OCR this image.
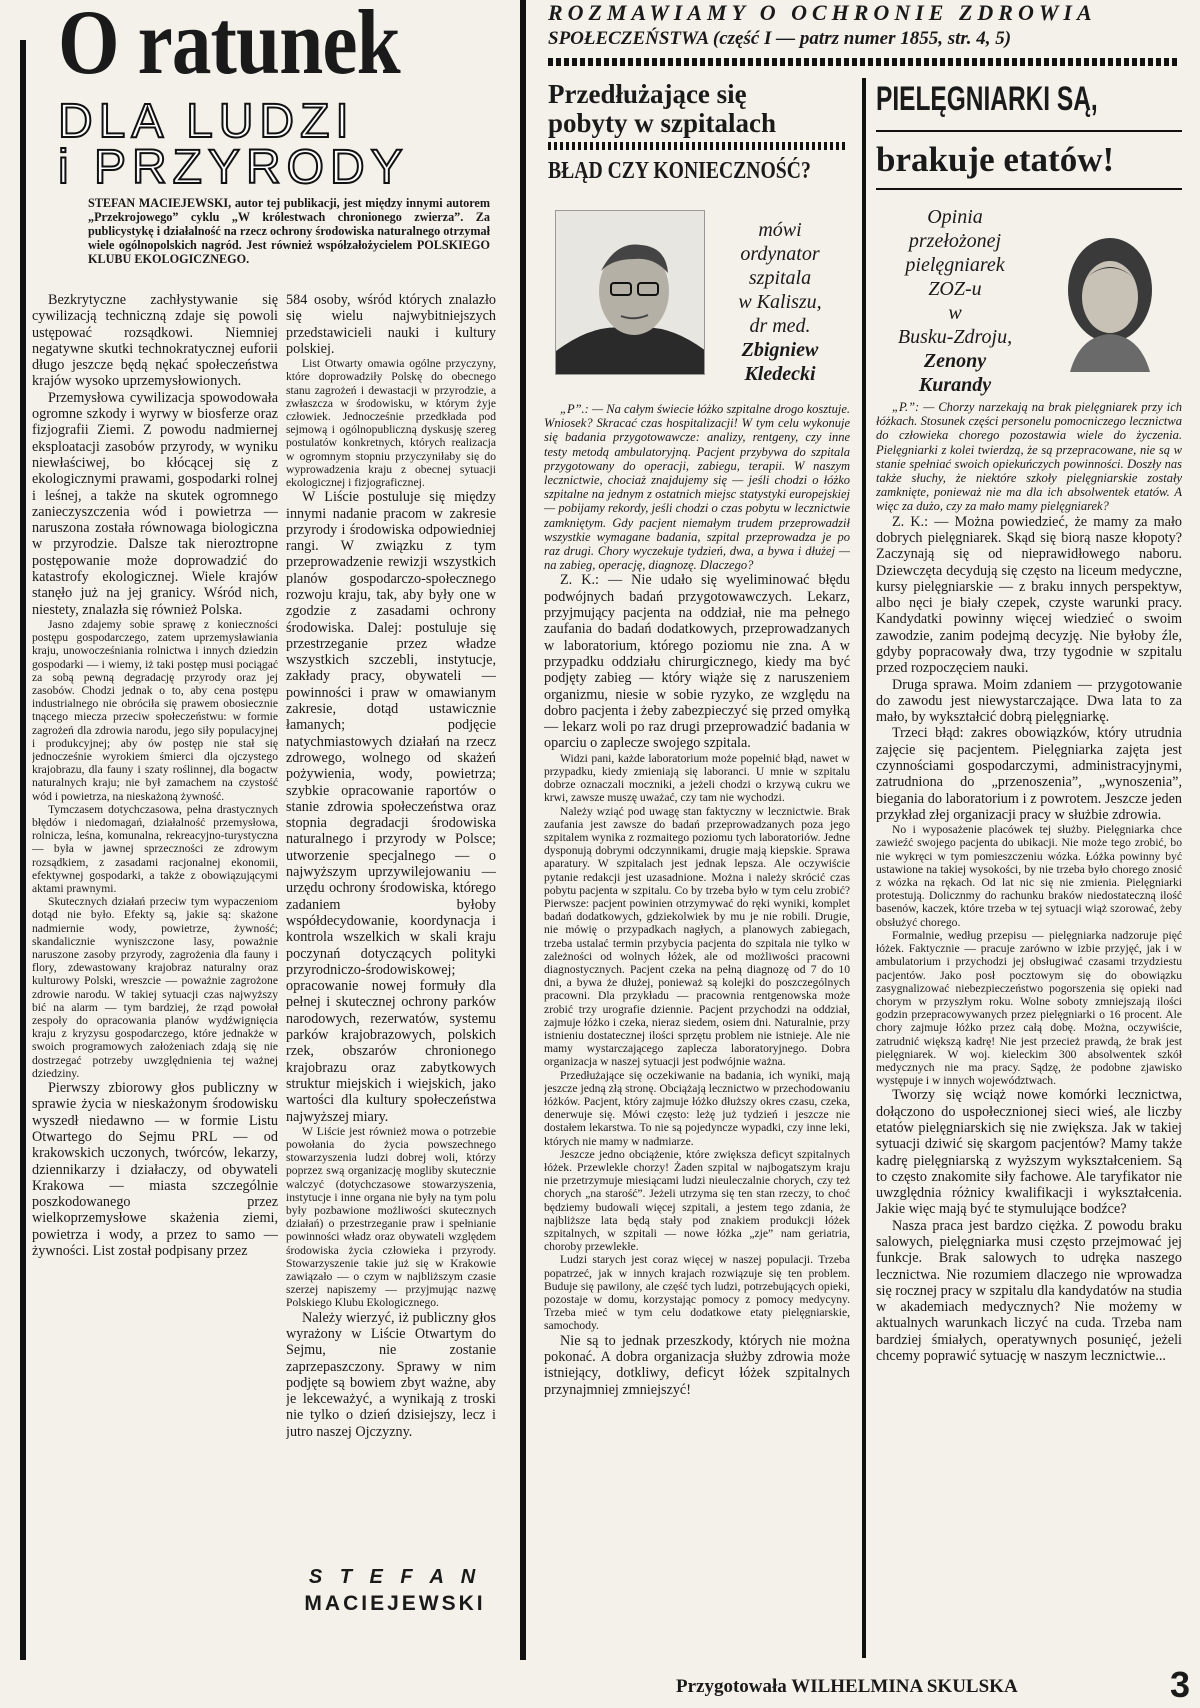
O ratunek
DLA LUDZI
i PRZYRODY
STEFAN MACIEJEWSKI, autor tej publikacji, jest między innymi autorem „Przekrojowego” cyklu „W królestwach chronionego zwierza”. Za publicystykę i działalność na rzecz ochrony środowiska naturalnego otrzymał wiele ogólnopolskich nagród. Jest również współzałożycielem POLSKIEGO KLUBU EKOLOGICZNEGO.

Bezkrytyczne zachłystywanie się cywilizacją techniczną zdaje się powoli ustępować rozsądkowi. Niemniej negatywne skutki technokratycznej euforii długo jeszcze będą nękać społeczeństwa krajów wysoko uprzemysłowionych.

Przemysłowa cywilizacja spowodowała ogromne szkody i wyrwy w biosferze oraz fizjografii Ziemi. Z powodu nadmiernej eksploatacji zasobów przyrody, w wyniku niewłaściwej, bo kłócącej się z ekologicznymi prawami, gospodarki rolnej i leśnej, a także na skutek ogromnego zanieczyszczenia wód i powietrza — naruszona została równowaga biologiczna w przyrodzie. Dalsze tak nieroztropne postępowanie może doprowadzić do katastrofy ekologicznej. Wiele krajów stanęło już na jej granicy. Wśród nich, niestety, znalazła się również Polska.

Jasno zdajemy sobie sprawę z konieczności postępu gospodarczego, zatem uprzemysławiania kraju, unowocześniania rolnictwa i innych dziedzin gospodarki — i wiemy, iż taki postęp musi pociągać za sobą pewną degradację przyrody oraz jej zasobów. Chodzi jednak o to, aby cena postępu industrialnego nie obróciła się prawem obosiecznie tnącego miecza przeciw społeczeństwu: w formie zagrożeń dla zdrowia narodu, jego siły populacyjnej i produkcyjnej; aby ów postęp nie stał się jednocześnie wyrokiem śmierci dla ojczystego krajobrazu, dla fauny i szaty roślinnej, dla bogactw naturalnych kraju; nie był zamachem na czystość wód i powietrza, na nieskażoną żywność.

Tymczasem dotychczasowa, pełna drastycznych błędów i niedomagań, działalność przemysłowa, rolnicza, leśna, komunalna, rekreacyjno-turystyczna — była w jawnej sprzeczności ze zdrowym rozsądkiem, z zasadami racjonalnej ekonomii, efektywnej gospodarki, a także z obowiązującymi aktami prawnymi.

Skutecznych działań przeciw tym wypaczeniom dotąd nie było. Efekty są, jakie są: skażone nadmiernie wody, powietrze, żywność; skandalicznie wyniszczone lasy, poważnie naruszone zasoby przyrody, zagrożenia dla fauny i flory, zdewastowany krajobraz naturalny oraz kulturowy Polski, wreszcie — poważnie zagrożone zdrowie narodu. W takiej sytuacji czas najwyższy bić na alarm — tym bardziej, że rząd powołał zespoły do opracowania planów wydźwignięcia kraju z kryzysu gospodarczego, które jednakże w swoich programowych założeniach zdają się nie dostrzegać potrzeby uwzględnienia tej ważnej dziedziny.

Pierwszy zbiorowy głos publiczny w sprawie życia w nieskażonym środowisku wyszedł niedawno — w formie Listu Otwartego do Sejmu PRL — od krakowskich uczonych, twórców, lekarzy, dziennikarzy i działaczy, od obywateli Krakowa — miasta szczególnie poszkodowanego przez wielkoprzemysłowe skażenia ziemi, powietrza i wody, a przez to samo — żywności. List został podpisany przez

584 osoby, wśród których znalazło się wielu najwybitniejszych przedstawicieli nauki i kultury polskiej.

List Otwarty omawia ogólne przyczyny, które doprowadziły Polskę do obecnego stanu zagrożeń i dewastacji w przyrodzie, a zwłaszcza w środowisku, w którym żyje człowiek. Jednocześnie przedkłada pod sejmową i ogólnopubliczną dyskusję szereg postulatów konkretnych, których realizacja w ogromnym stopniu przyczyniłaby się do wyprowadzenia kraju z obecnej sytuacji ekologicznej i fizjograficznej.

W Liście postuluje się między innymi nadanie pracom w zakresie przyrody i środowiska odpowiedniej rangi. W związku z tym przeprowadzenie rewizji wszystkich planów gospodarczo-społecznego rozwoju kraju, tak, aby były one w zgodzie z zasadami ochrony środowiska. Dalej: postuluje się przestrzeganie przez władze wszystkich szczebli, instytucje, zakłady pracy, obywateli — powinności i praw w omawianym zakresie, dotąd ustawicznie łamanych; podjęcie natychmiastowych działań na rzecz zdrowego, wolnego od skażeń pożywienia, wody, powietrza; szybkie opracowanie raportów o stanie zdrowia społeczeństwa oraz stopnia degradacji środowiska naturalnego i przyrody w Polsce; utworzenie specjalnego — o najwyższym uprzywilejowaniu — urzędu ochrony środowiska, którego zadaniem byłoby współdecydowanie, koordynacja i kontrola wszelkich w skali kraju poczynań dotyczących polityki przyrodniczo-środowiskowej; opracowanie nowej formuły dla pełnej i skutecznej ochrony parków narodowych, rezerwatów, systemu parków krajobrazowych, polskich rzek, obszarów chronionego krajobrazu oraz zabytkowych struktur miejskich i wiejskich, jako wartości dla kultury społeczeństwa najwyższej miary.

W Liście jest również mowa o potrzebie powołania do życia powszechnego stowarzyszenia ludzi dobrej woli, którzy poprzez swą organizację mogliby skutecznie walczyć (dotychczasowe stowarzyszenia, instytucje i inne organa nie były na tym polu były pozbawione możliwości skutecznych działań) o przestrzeganie praw i spełnianie powinności władz oraz obywateli względem środowiska życia człowieka i przyrody. Stowarzyszenie takie już się w Krakowie zawiązało — o czym w najbliższym czasie szerzej napiszemy — przyjmując nazwę Polskiego Klubu Ekologicznego.

Należy wierzyć, iż publiczny głos wyrażony w Liście Otwartym do Sejmu, nie zostanie zaprzepaszczony. Sprawy w nim podjęte są bowiem zbyt ważne, aby je lekceważyć, a wynikają z troski nie tylko o dzień dzisiejszy, lecz i jutro naszej Ojczyzny.

S T E F A N
MACIEJEWSKI
ROZMAWIAMY O OCHRONIE ZDROWIA
SPOŁECZEŃSTWA (część I — patrz numer 1855, str. 4, 5)
Przedłużające się
pobyty w szpitalach
BŁĄD CZY KONIECZNOŚĆ?
mówi
ordynator
szpitala
w Kaliszu,
dr med.
Zbigniew
Kledecki

„P”.: — Na całym świecie łóżko szpitalne drogo kosztuje. Wniosek? Skracać czas hospitalizacji! W tym celu wykonuje się badania przygotowawcze: analizy, rentgeny, czy inne testy metodą ambulatoryjną. Pacjent przybywa do szpitala przygotowany do operacji, zabiegu, terapii. W naszym lecznictwie, chociaż znajdujemy się — jeśli chodzi o łóżko szpitalne na jednym z ostatnich miejsc statystyki europejskiej — pobijamy rekordy, jeśli chodzi o czas pobytu w lecznictwie zamkniętym. Gdy pacjent niemałym trudem przeprowadził wszystkie wymagane badania, szpital przeprowadza je po raz drugi. Chory wyczekuje tydzień, dwa, a bywa i dłużej — na zabieg, operację, diagnozę. Dlaczego?

Z. K.: — Nie udało się wyeliminować błędu podwójnych badań przygotowawczych. Lekarz, przyjmujący pacjenta na oddział, nie ma pełnego zaufania do badań dodatkowych, przeprowadzanych w laboratorium, którego poziomu nie zna. A w przypadku oddziału chirurgicznego, kiedy ma być podjęty zabieg — który wiąże się z naruszeniem organizmu, niesie w sobie ryzyko, ze względu na dobro pacjenta i żeby zabezpieczyć się przed omyłką — lekarz woli po raz drugi przeprowadzić badania w oparciu o zaplecze swojego szpitala.

Widzi pani, każde laboratorium może popełnić błąd, nawet w przypadku, kiedy zmieniają się laboranci. U mnie w szpitalu dobrze oznaczali moczniki, a jeżeli chodzi o krzywą cukru we krwi, zawsze muszę uważać, czy tam nie wychodzi.

Należy wziąć pod uwagę stan faktyczny w lecznictwie. Brak zaufania jest zawsze do badań przeprowadzanych poza jego szpitalem wynika z rozmaitego poziomu tych laboratoriów. Jedne dysponują dobrymi odczynnikami, drugie mają kiepskie. Sprawa aparatury. W szpitalach jest jednak lepsza. Ale oczywiście pytanie redakcji jest uzasadnione. Można i należy skrócić czas pobytu pacjenta w szpitalu. Co by trzeba było w tym celu zrobić? Pierwsze: pacjent powinien otrzymywać do ręki wyniki, komplet badań dodatkowych, gdziekolwiek by mu je nie robili. Drugie, nie mówię o przypadkach nagłych, a planowych zabiegach, trzeba ustalać termin przybycia pacjenta do szpitala nie tylko w zależności od wolnych łóżek, ale od możliwości pracowni diagnostycznych. Pacjent czeka na pełną diagnozę od 7 do 10 dni, a bywa że dłużej, ponieważ są kolejki do poszczególnych pracowni. Dla przykładu — pracownia rentgenowska może zrobić trzy urografie dziennie. Pacjent przychodzi na oddział, zajmuje łóżko i czeka, nieraz siedem, osiem dni. Naturalnie, przy istnieniu dostatecznej ilości sprzętu problem nie istnieje. Ale nie mamy wystarczającego zaplecza laboratoryjnego. Dobra organizacja w naszej sytuacji jest podwójnie ważna.

Przedłużające się oczekiwanie na badania, ich wyniki, mają jeszcze jedną złą stronę. Obciążają lecznictwo w przechodowaniu łóżków. Pacjent, który zajmuje łóżko dłuższy okres czasu, czeka, denerwuje się. Mówi często: leżę już tydzień i jeszcze nie dostałem lekarstwa. To nie są pojedyncze wypadki, czy inne leki, których nie mamy w nadmiarze.

Jeszcze jedno obciążenie, które zwiększa deficyt szpitalnych łóżek. Przewlekle chorzy! Żaden szpital w najbogatszym kraju nie przetrzymuje miesiącami ludzi nieuleczalnie chorych, czy też chorych „na starość”. Jeżeli utrzyma się ten stan rzeczy, to choć będziemy budowali więcej szpitali, a jestem tego zdania, że najbliższe lata będą stały pod znakiem produkcji łóżek szpitalnych, w szpitali — nowe łóżka „zje” nam geriatria, choroby przewlekłe.

Ludzi starych jest coraz więcej w naszej populacji. Trzeba popatrzeć, jak w innych krajach rozwiązuje się ten problem. Buduje się pawilony, ale część tych ludzi, potrzebujących opieki, pozostaje w domu, korzystając pomocy z pomocy medycyny. Trzeba mieć w tym celu dodatkowe etaty pielęgniarskie, samochody.

Nie są to jednak przeszkody, których nie można pokonać. A dobra organizacja służby zdrowia może istniejący, dotkliwy, deficyt łóżek szpitalnych przynajmniej zmniejszyć!

PIELĘGNIARKI SĄ,
brakuje etatów!
Opinia
przełożonej
pielęgniarek
ZOZ-u
w
Busku-Zdroju,
Zenony
Kurandy

„P.”: — Chorzy narzekają na brak pielęgniarek przy ich łóżkach. Stosunek części personelu pomocniczego lecznictwa do człowieka chorego pozostawia wiele do życzenia. Pielęgniarki z kolei twierdzą, że są przepracowane, nie są w stanie spełniać swoich opiekuńczych powinności. Doszły nas także słuchy, że niektóre szkoły pielęgniarskie zostały zamknięte, ponieważ nie ma dla ich absolwentek etatów. A więc za dużo, czy za mało mamy pielęgniarek?

Z. K.: — Można powiedzieć, że mamy za mało dobrych pielęgniarek. Skąd się biorą nasze kłopoty? Zaczynają się od nieprawidłowego naboru. Dziewczęta decydują się często na liceum medyczne, kursy pielęgniarskie — z braku innych perspektyw, albo nęci je biały czepek, czyste warunki pracy. Kandydatki powinny więcej wiedzieć o swoim zawodzie, zanim podejmą decyzję. Nie byłoby źle, gdyby popracowały dwa, trzy tygodnie w szpitalu przed rozpoczęciem nauki.

Druga sprawa. Moim zdaniem — przygotowanie do zawodu jest niewystarczające. Dwa lata to za mało, by wykształcić dobrą pielęgniarkę.

Trzeci błąd: zakres obowiązków, który utrudnia zajęcie się pacjentem. Pielęgniarka zajęta jest czynnościami gospodarczymi, administracyjnymi, zatrudniona do „przenoszenia”, „wynoszenia”, biegania do laboratorium i z powrotem. Jeszcze jeden przykład złej organizacji pracy w służbie zdrowia.

No i wyposażenie placówek tej służby. Pielęgniarka chce zawieźć swojego pacjenta do ubikacji. Nie może tego zrobić, bo nie wykręci w tym pomieszczeniu wózka. Łóżka powinny być ustawione na takiej wysokości, by nie trzeba było chorego znosić z wózka na rękach. Od lat nic się nie zmienia. Pielęgniarki protestują. Dolicznmy do rachunku braków niedostateczną ilość basenów, kaczek, które trzeba w tej sytuacji wiąż szorować, żeby obsłużyć chorego.

Formalnie, według przepisu — pielęgniarka nadzoruje pięć łóżek. Faktycznie — pracuje zarówno w izbie przyjęć, jak i w ambulatorium i przychodzi jej obsługiwać czasami trzydziestu pacjentów. Jako posł pocztowym się do obowiązku zasygnalizować niebezpieczeństwo pogorszenia się opieki nad chorym w przyszłym roku. Wolne soboty zmniejszają ilości godzin przepracowywanych przez pielęgniarki o 16 procent. Ale chory zajmuje łóżko przez całą dobę. Można, oczywiście, zatrudnić większą kadrę! Nie jest przecież prawdą, że brak jest pielęgniarek. W woj. kieleckim 300 absolwentek szkół medycznych nie ma pracy. Sądzę, że podobne zjawisko występuje i w innych województwach.

Tworzy się wciąż nowe komórki lecznictwa, dołączono do uspołecznionej sieci wieś, ale liczby etatów pielęgniarskich się nie zwiększa. Jak w takiej sytuacji dziwić się skargom pacjentów? Mamy także kadrę pielęgniarską z wyższym wykształceniem. Są to często znakomite siły fachowe. Ale taryfikator nie uwzględnia różnicy kwalifikacji i wykształcenia. Jakie więc mają być te stymulujące bodźce?

Nasza praca jest bardzo ciężka. Z powodu braku salowych, pielęgniarka musi często przejmować jej funkcje. Brak salowych to udręka naszego lecznictwa. Nie rozumiem dlaczego nie wprowadza się rocznej pracy w szpitalu dla kandydatów na studia w akademiach medycznych? Nie możemy w aktualnych warunkach liczyć na cuda. Trzeba nam bardziej śmiałych, operatywnych posunięć, jeżeli chcemy poprawić sytuację w naszym lecznictwie...

Przygotowała WILHELMINA SKULSKA	3
